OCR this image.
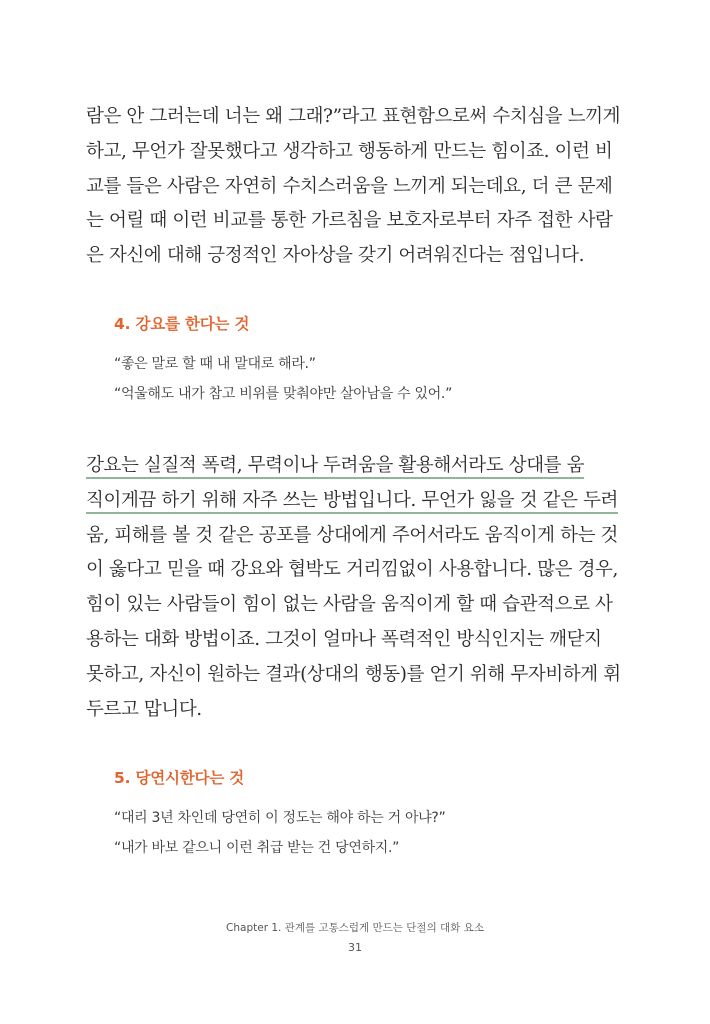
람은 안 그러는데 너는 왜 그래?”라고 표현함으로써 수치심을 느끼게
하고, 무언가 잘못했다고 생각하고 행동하게 만드는 힘이죠. 이런 비
교를 들은 사람은 자연히 수치스러움을 느끼게 되는데요, 더 큰 문제
는 어릴 때 이런 비교를 통한 가르침을 보호자로부터 자주 접한 사람
은 자신에 대해 긍정적인 자아상을 갖기 어려워진다는 점입니다.
4. 강요를 한다는 것
“좋은 말로 할 때 내 말대로 해라.”
“억울해도 내가 참고 비위를 맞춰야만 살아남을 수 있어.”
강요는 실질적 폭력, 무력이나 두려움을 활용해서라도 상대를 움
직이게끔 하기 위해 자주 쓰는 방법입니다. 무언가 잃을 것 같은 두려
움, 피해를 볼 것 같은 공포를 상대에게 주어서라도 움직이게 하는 것
이 옳다고 믿을 때 강요와 협박도 거리낌없이 사용합니다. 많은 경우,
힘이 있는 사람들이 힘이 없는 사람을 움직이게 할 때 습관적으로 사
용하는 대화 방법이죠. 그것이 얼마나 폭력적인 방식인지는 깨닫지
못하고, 자신이 원하는 결과(상대의 행동)를 얻기 위해 무자비하게 휘
두르고 맙니다.
5. 당연시한다는 것
“대리 3년 차인데 당연히 이 정도는 해야 하는 거 아냐?”
“내가 바보 같으니 이런 취급 받는 건 당연하지.”
Chapter 1. 관계를 고통스럽게 만드는 단절의 대화 요소
31
